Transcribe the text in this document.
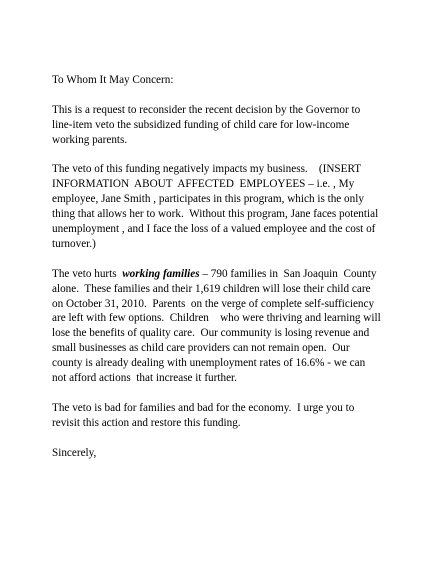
To Whom It May Concern:

This is a request to reconsider the recent decision by the Governor to
line-item veto the subsidized funding of child care for low-income
working parents.

The veto of this funding negatively impacts my business.    (INSERT
INFORMATION  ABOUT  AFFECTED  EMPLOYEES – i.e. , My
employee, Jane Smith , participates in this program, which is the only
thing that allows her to work.  Without this program, Jane faces potential
unemployment , and I face the loss of a valued employee and the cost of
turnover.)

The veto hurts  working families – 790 families in  San Joaquin  County
alone.  These families and their 1,619 children will lose their child care
on October 31, 2010.  Parents  on the verge of complete self-sufficiency
are left with few options.  Children    who were thriving and learning will
lose the benefits of quality care.  Our community is losing revenue and
small businesses as child care providers can not remain open.  Our
county is already dealing with unemployment rates of 16.6% - we can
not afford actions  that increase it further.

The veto is bad for families and bad for the economy.  I urge you to
revisit this action and restore this funding.

Sincerely,
